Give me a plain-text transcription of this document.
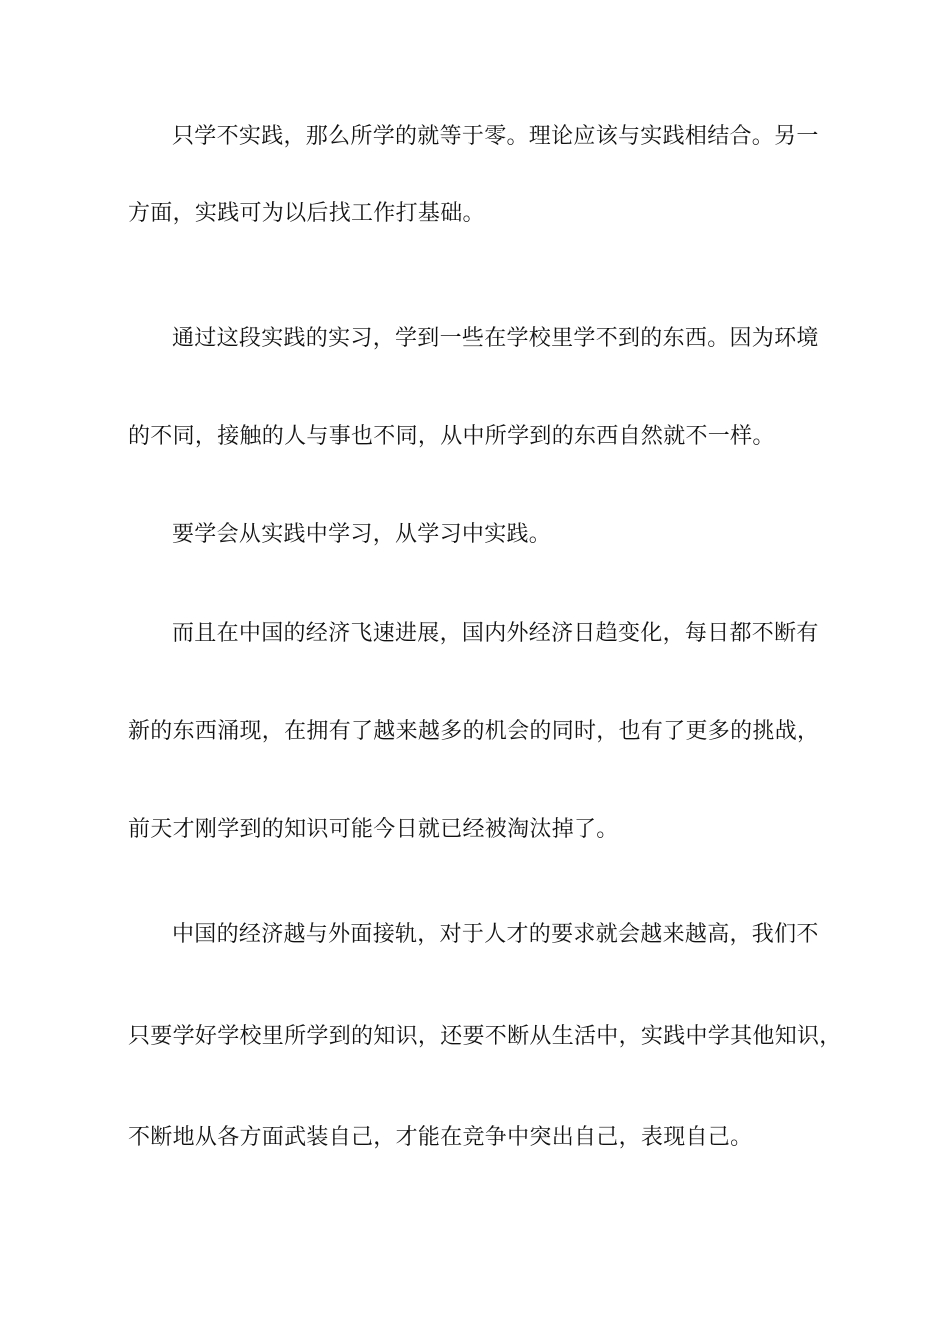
只学不实践，那么所学的就等于零。理论应该与实践相结合。另一
方面，实践可为以后找工作打基础。
通过这段实践的实习，学到一些在学校里学不到的东西。因为环境
的不同，接触的人与事也不同，从中所学到的东西自然就不一样。
要学会从实践中学习，从学习中实践。
而且在中国的经济飞速进展，国内外经济日趋变化，每日都不断有
新的东西涌现，在拥有了越来越多的机会的同时，也有了更多的挑战，
前天才刚学到的知识可能今日就已经被淘汰掉了。
中国的经济越与外面接轨，对于人才的要求就会越来越高，我们不
只要学好学校里所学到的知识，还要不断从生活中，实践中学其他知识，
不断地从各方面武装自己，才能在竞争中突出自己，表现自己。
